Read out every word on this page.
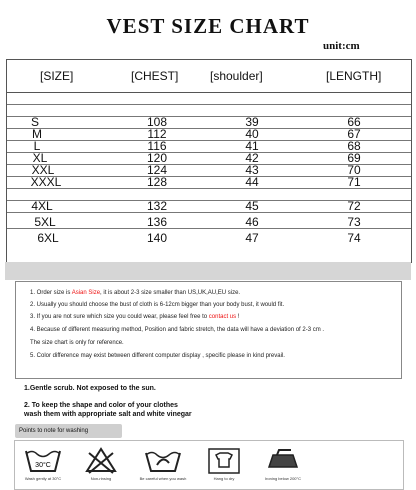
VEST SIZE CHART
unit:cm
[SIZE]	[CHEST]	[shoulder]	[LENGTH]
S	108	39	66
M	112	40	67
L	116	41	68
XL	120	42	69
XXL	124	43	70
XXXL	128	44	71
4XL	132	45	72
5XL	136	46	73
6XL	140	47	74
1. Order size is Asian Size, it is about 2-3 size smaller than US,UK,AU,EU size.
2. Usually you should choose the bust of cloth is 6-12cm bigger than your body bust, it would fit.
3. If you are not sure which size you could wear, please feel free to contact us !
4. Because of different measuring method, Position and fabric stretch, the data will have a deviation of 2-3 cm .
The size chart is only for reference.
5. Color difference may exist between different computer display , specific please in kind prevail.
1.Gentle scrub. Not exposed to the sun.
2. To keep the shape and color of your clothes
wash them with appropriate salt and white vinegar
Points to note for washing
30°C
Wash gently at 30°C	Non-rinsing	Be careful when you wash	Hang to dry	Ironing below 200°C
